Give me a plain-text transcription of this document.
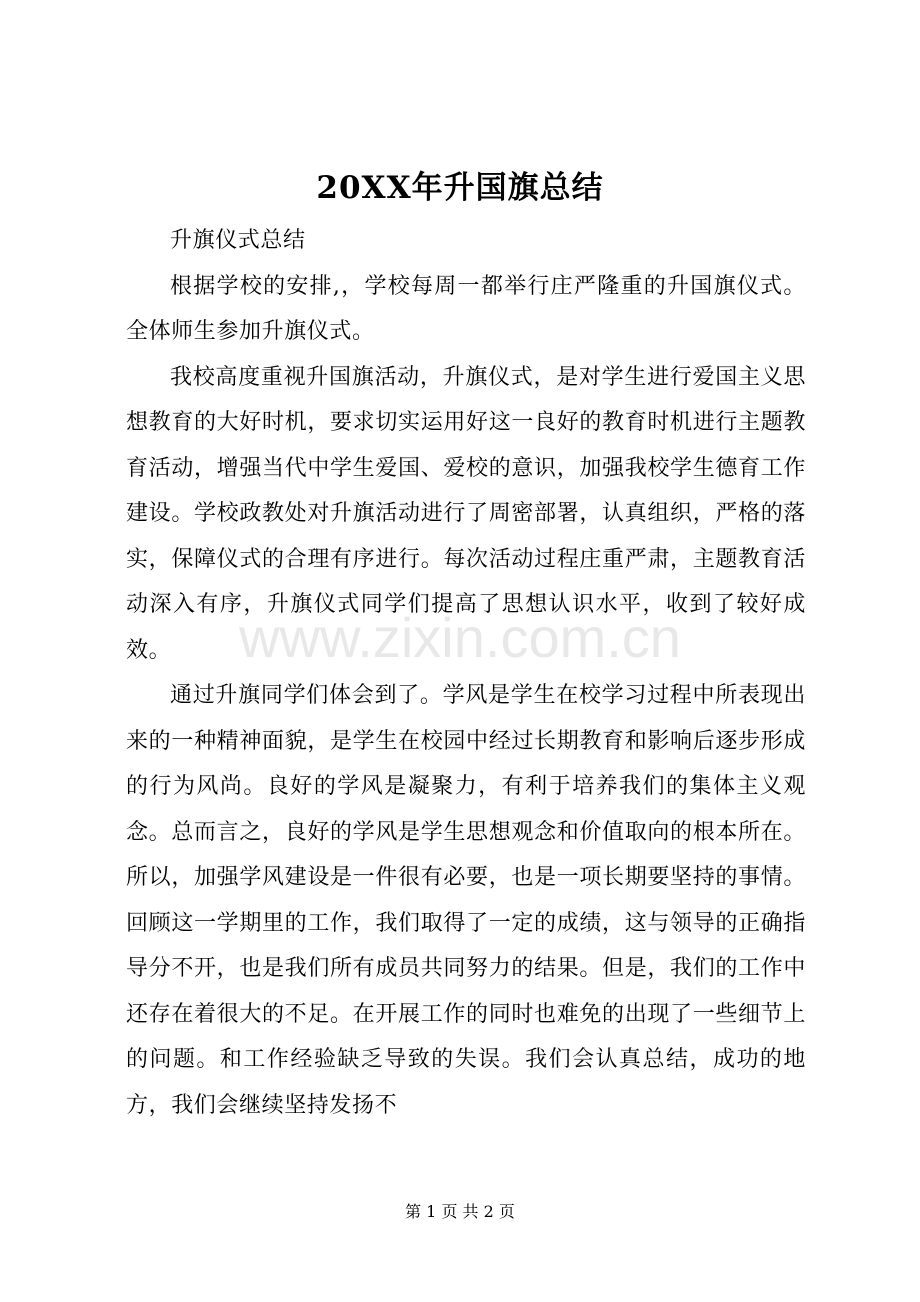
20XX年升国旗总结

升旗仪式总结

根据学校的安排,，学校每周一都举行庄严隆重的升国旗仪式。全体师生参加升旗仪式。

我校高度重视升国旗活动，升旗仪式，是对学生进行爱国主义思想教育的大好时机，要求切实运用好这一良好的教育时机进行主题教育活动，增强当代中学生爱国、爱校的意识，加强我校学生德育工作建设。学校政教处对升旗活动进行了周密部署，认真组织，严格的落实，保障仪式的合理有序进行。每次活动过程庄重严肃，主题教育活动深入有序，升旗仪式同学们提高了思想认识水平，收到了较好成效。

通过升旗同学们体会到了。学风是学生在校学习过程中所表现出来的一种精神面貌，是学生在校园中经过长期教育和影响后逐步形成的行为风尚。良好的学风是凝聚力，有利于培养我们的集体主义观念。总而言之，良好的学风是学生思想观念和价值取向的根本所在。所以，加强学风建设是一件很有必要，也是一项长期要坚持的事情。回顾这一学期里的工作，我们取得了一定的成绩，这与领导的正确指导分不开，也是我们所有成员共同努力的结果。但是，我们的工作中还存在着很大的不足。在开展工作的同时也难免的出现了一些细节上的问题。和工作经验缺乏导致的失误。我们会认真总结，成功的地方，我们会继续坚持发扬不

www.zixin.com.cn
第 1 页 共 2 页
